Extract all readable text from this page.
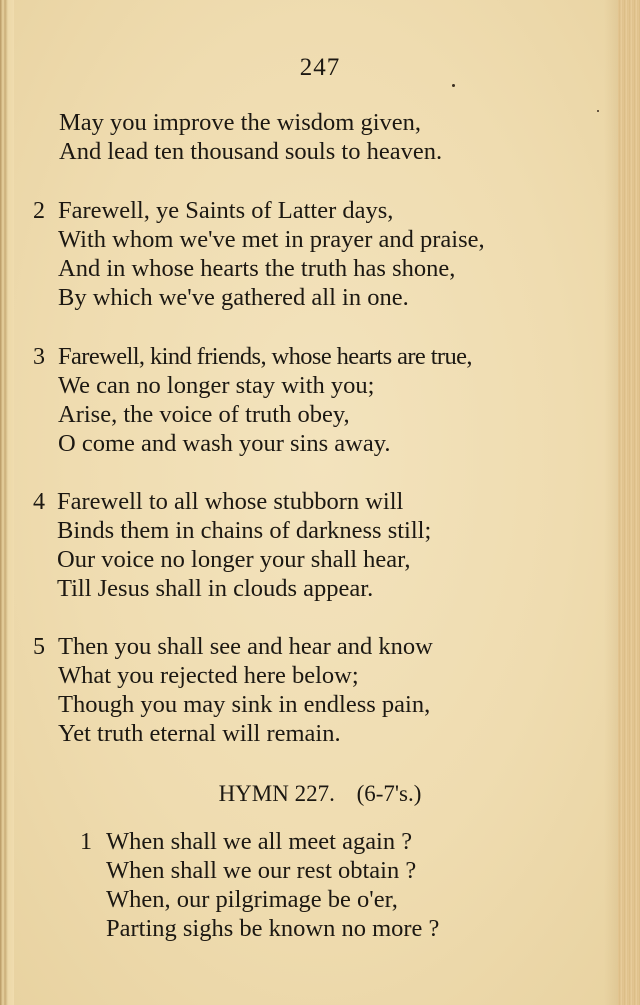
247
May you improve the wisdom given,
And lead ten thousand souls to heaven.
2 Farewell, ye Saints of Latter days,
With whom we've met in prayer and praise,
And in whose hearts the truth has shone,
By which we've gathered all in one.
3 Farewell, kind friends, whose hearts are true,
We can no longer stay with you;
Arise, the voice of truth obey,
O come and wash your sins away.
4 Farewell to all whose stubborn will
Binds them in chains of darkness still;
Our voice no longer your shall hear,
Till Jesus shall in clouds appear.
5 Then you shall see and hear and know
What you rejected here below;
Though you may sink in endless pain,
Yet truth eternal will remain.
HYMN 227. (6-7's.)
1 When shall we all meet again ?
When shall we our rest obtain ?
When, our pilgrimage be o'er,
Parting sighs be known no more ?
